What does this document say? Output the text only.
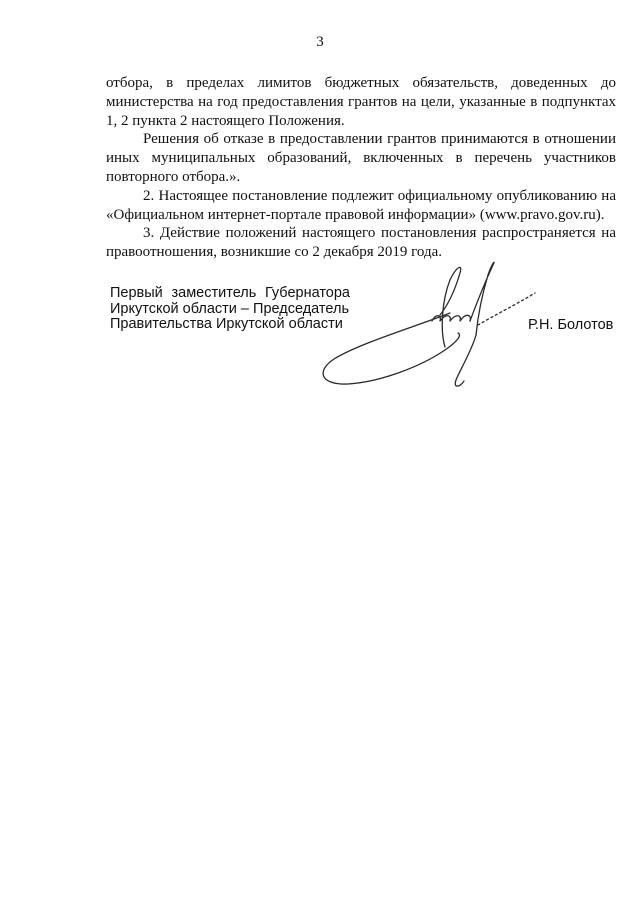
3

отбора, в пределах лимитов бюджетных обязательств, доведенных до министерства на год предоставления грантов на цели, указанные в подпунктах 1, 2 пункта 2 настоящего Положения.

Решения об отказе в предоставлении грантов принимаются в отношении иных муниципальных образований, включенных в перечень участников повторного отбора.».

2. Настоящее постановление подлежит официальному опубликованию на «Официальном интернет-портале правовой информации» (www.pravo.gov.ru).

3. Действие положений настоящего постановления распространяется на правоотношения, возникшие со 2 декабря 2019 года.

Первый заместитель Губернатора
Иркутской области – Председатель
Правительства Иркутской области	Р.Н. Болотов
